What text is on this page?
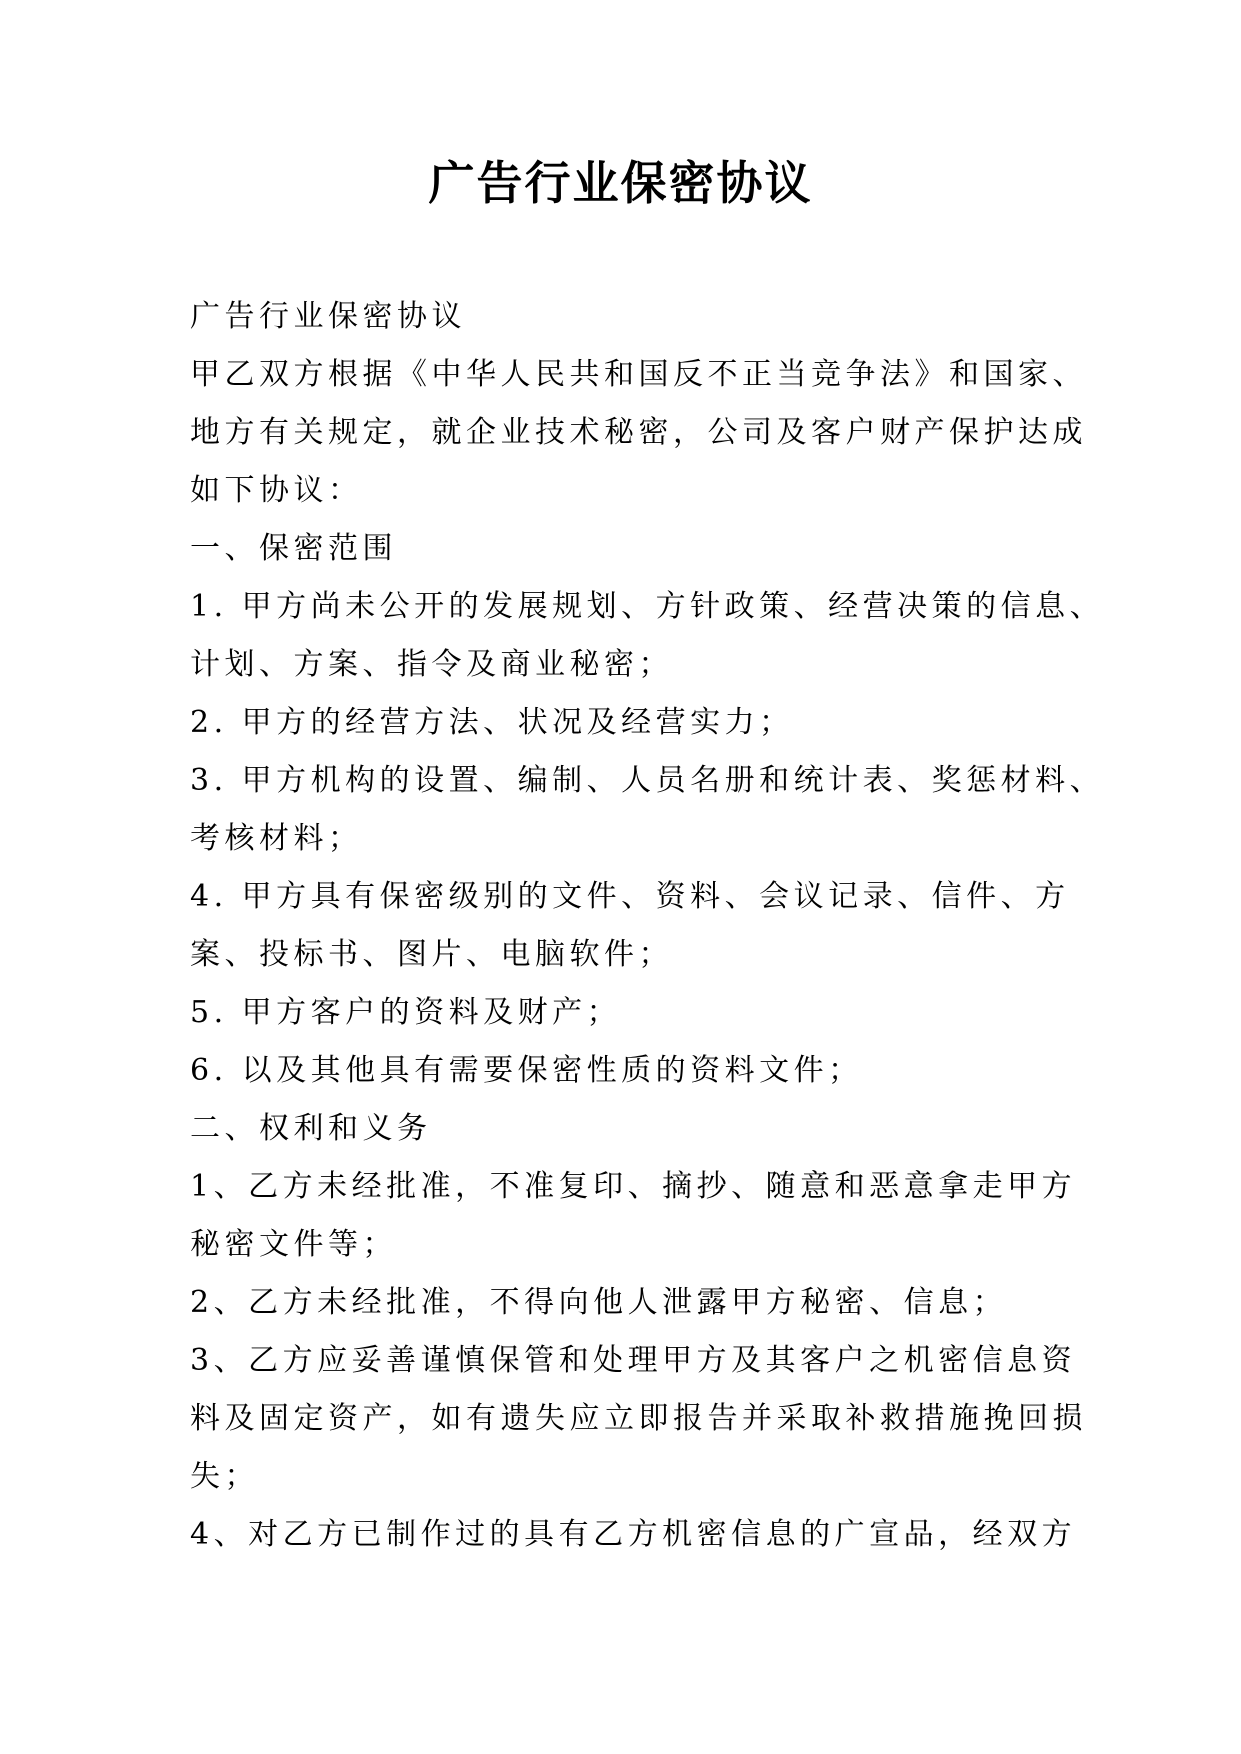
广告行业保密协议
广告行业保密协议
甲乙双方根据《中华人民共和国反不正当竞争法》和国家、
地方有关规定，就企业技术秘密，公司及客户财产保护达成
如下协议：
一、保密范围
1. 甲方尚未公开的发展规划、方针政策、经营决策的信息、
计划、方案、指令及商业秘密；
2. 甲方的经营方法、状况及经营实力；
3. 甲方机构的设置、编制、人员名册和统计表、奖惩材料、
考核材料；
4. 甲方具有保密级别的文件、资料、会议记录、信件、方
案、投标书、图片、电脑软件；
5. 甲方客户的资料及财产；
6. 以及其他具有需要保密性质的资料文件；
二、权利和义务
1、乙方未经批准，不准复印、摘抄、随意和恶意拿走甲方
秘密文件等；
2、乙方未经批准，不得向他人泄露甲方秘密、信息；
3、乙方应妥善谨慎保管和处理甲方及其客户之机密信息资
料及固定资产，如有遗失应立即报告并采取补救措施挽回损
失；
4、对乙方已制作过的具有乙方机密信息的广宣品，经双方
